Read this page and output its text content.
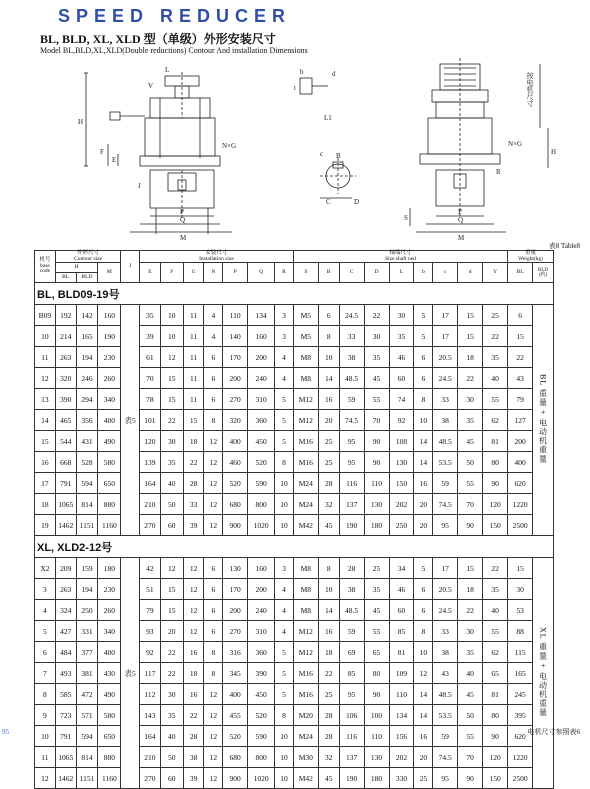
SPEED REDUCER
BL, BLD, XL, XLD 型（单级）外形安装尺寸
Model BL,BLD,XL,XLD(Double reductions) Contour And installation Dimensions
L
V
H
F
E
N×G
J
P
Q
M
b
t
d
L1
c B
C	D
按电机尺寸
H
N×G
R
S
P
Q
M
表8 Table8
机号
base
code	外形尺寸
Contour size			J	安装尺寸
Installation size							轴端尺寸
Size shaft ned									重量
Weight(kg)	
	H		M		E	F	G	N	P	Q	R	S	B	C	D	L	b	c	d	Y	BL	BLD
(约)
	BL	BLD																				
BL, BLD09-19号																						
B09	192	142	160	表5	35	10	11	4	110	134	3	M5	6	24.5	22	30	5	17	15	25	6	BL 重量 + 电动机重量
10	214	165	190		39	10	11	4	140	160	3	M5	8	33	30	35	5	17	15	22	15	
11	263	194	230		61	12	11	6	170	200	4	M8	10	38	35	46	6	20.5	18	35	22	
12	320	246	260		70	15	11	6	200	240	4	M8	14	48.5	45	60	6	24.5	22	40	43	
13	390	294	340		78	15	11	6	270	310	5	M12	16	59	55	74	8	33	30	55	79	
14	465	356	400		101	22	15	8	320	360	5	M12	20	74.5	70	92	10	38	35	62	127	
15	544	431	490		120	30	18	12	400	450	5	M16	25	95	90	108	14	48.5	45	81	200	
16	668	528	580		139	35	22	12	460	520	8	M16	25	95	90	130	14	53.5	50	80	400	
17	791	594	650		164	40	28	12	520	590	10	M24	28	116	110	150	16	59	55	90	620	
18	1065	814	880		210	50	33	12	680	800	10	M24	32	137	130	202	20	74.5	70	120	1220	
19	1462	1151	1160		270	60	39	12	900	1020	10	M42	45	190	180	250	20	95	90	150	2500	
XL, XLD2-12号																						
X2	209	159	180	表5	42	12	12	6	130	160	3	M8	8	28	25	34	5	17	15	22	15	XL 重量 + 电动机重量
3	263	194	230		51	15	12	6	170	200	4	M8	10	38	35	46	6	20.5	18	35	30	
4	324	250	260		79	15	12	6	200	240	4	M8	14	48.5	45	60	6	24.5	22	40	53	
5	427	331	340		93	20	12	6	270	310	4	M12	16	59	55	85	8	33	30	55	88	
6	484	377	400		92	22	16	8	316	360	5	M12	18	69	65	81	10	38	35	62	115	
7	493	381	430		117	22	18	8	345	390	5	M16	22	85	80	109	12	43	40	65	165	
8	585	472	490		112	30	16	12	400	450	5	M16	25	95	90	110	14	48.5	45	81	245	
9	723	571	580		143	35	22	12	455	520	8	M20	28	106	100	134	14	53.5	50	80	395	
10	791	594	650		164	40	28	12	520	590	10	M24	28	116	110	156	16	59	55	90	620	
11	1065	814	880		210	50	38	12	680	800	10	M30	32	137	130	202	20	74.5	70	120	1220	
12	1462	1151	1160		270	60	39	12	900	1020	10	M42	45	190	180	330	25	95	90	150	2500	
95	电机尺寸参照表6
